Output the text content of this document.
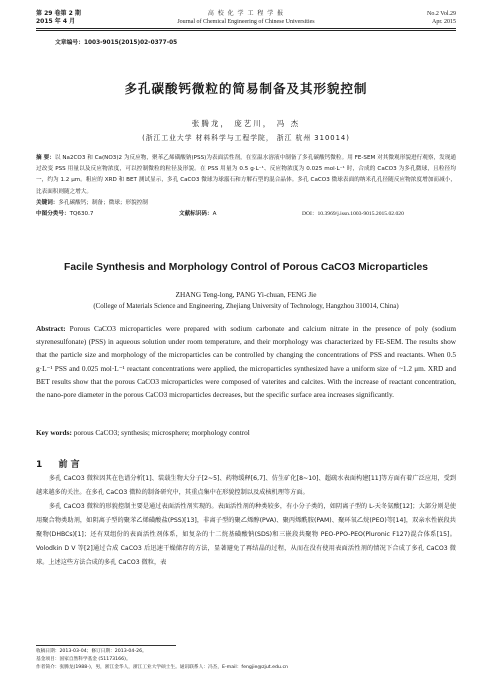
第 29 卷第 2 期
2015 年 4 月
高 校 化 学 工 程 学 报
Journal of Chemical Engineering of Chinese Universities
No.2 Vol.29
Apr. 2015
文章编号：1003-9015(2015)02-0377-05
多孔碳酸钙微粒的简易制备及其形貌控制
张腾龙， 庞艺川， 冯 杰
(浙江工业大学 材料科学与工程学院， 浙江 杭州 310014)
摘 要：以 Na2CO3 和 Ca(NO3)2 为反应物，聚苯乙烯磺酸钠(PSS)为表面活性剂，在室温水溶液中制备了多孔碳酸钙微粒。用 FE-SEM 对其微观形貌进行观察，发现通过改变 PSS 用量以及反应物浓度，可以控制微粒的粒径及形貌。在 PSS 用量为 0.5 g·L⁻¹、反应物浓度为 0.025 mol·L⁻¹ 时，合成的 CaCO3 为多孔微球，且粒径均一，约为 1.2 μm。粗应的 XRD 和 BET 测试显示，多孔 CaCO3 微球为球霰石和方解石型的混合晶体。多孔 CaCO3 微球表面的纳米孔孔径随反应物浓度增加而减小，比表面积则随之增大。
关键词：多孔碳酸钙；制备；微球；形貌控制
中图分类号：TQ630.7	文献标识码：A	DOI：10.3969/j.issn.1003-9015.2015.02.020
Facile Synthesis and Morphology Control of Porous CaCO3 Microparticles
ZHANG Teng-long, PANG Yi-chuan, FENG Jie
(College of Materials Science and Engineering, Zhejiang University of Technology, Hangzhou 310014, China)
Abstract: Porous CaCO3 microparticles were prepared with sodium carbonate and calcium nitrate in the presence of poly (sodium styrenesulfonate) (PSS) in aqueous solution under room temperature, and their morphology was characterized by FE-SEM. The results show that the particle size and morphology of the microparticles can be controlled by changing the concentrations of PSS and reactants. When 0.5 g·L⁻¹ PSS and 0.025 mol·L⁻¹ reactant concentrations were applied, the microparticles synthesized have a uniform size of ~1.2 μm. XRD and BET results show that the porous CaCO3 microparticles were composed of vaterites and calcites. With the increase of reactant concentration, the nano-pore diameter in the porous CaCO3 microparticles decreases, but the specific surface area increases significantly.
Key words: porous CaCO3; synthesis; microsphere; morphology control
1 前 言

多孔 CaCO3 微粒因其在色谱分析[1]、装载生物大分子[2~5]、药物缓释[6,7]、仿生矿化[8~10]、超疏水表面构建[11]等方面有着广泛应用，受到越来越多的关注。在多孔 CaCO3 微粒的制备研究中，其重点集中在形貌控制以及成核机理等方面。

多孔 CaCO3 微粒的形貌控制主要是通过表面活性剂实现的。表面活性剂的种类较多，有小分子类的，如阴离子型的 L-天冬氨酸[12]；大部分则是使用聚合物类助剂，如阴离子型的聚苯乙烯磺酸盐(PSS)[13]，非离子型的聚乙烯醇(PVA)、聚丙烯酰胺(PAM)、聚环氧乙烷(PEO)等[14]，双亲水性嵌段共聚物(DHBCs)[1]；还有双组份的表面活性剂体系，如复杂的十二烷基磺酸钠(SDS)和三嵌段共聚物 PEO-PPO-PEO(Pluronic F127)混合体系[15]。Volodkin D V 等[2]通过合成 CaCO3 后迅速干燥储存的方法，显著避免了再结晶的过程，从而在没有使用表面活性剂的情况下合成了多孔 CaCO3 微球。上述这些方法合成的多孔 CaCO3 微粒，表

收稿日期：2013-03-04；修订日期：2013-04-26。
基金项目：国家自然科学基金 (51173166)。
作者简介：张腾龙(1988-)，男，浙江金华人，浙江工业大学硕士生。通讯联系人：冯杰，E-mail：fengjie@zjut.edu.cn
